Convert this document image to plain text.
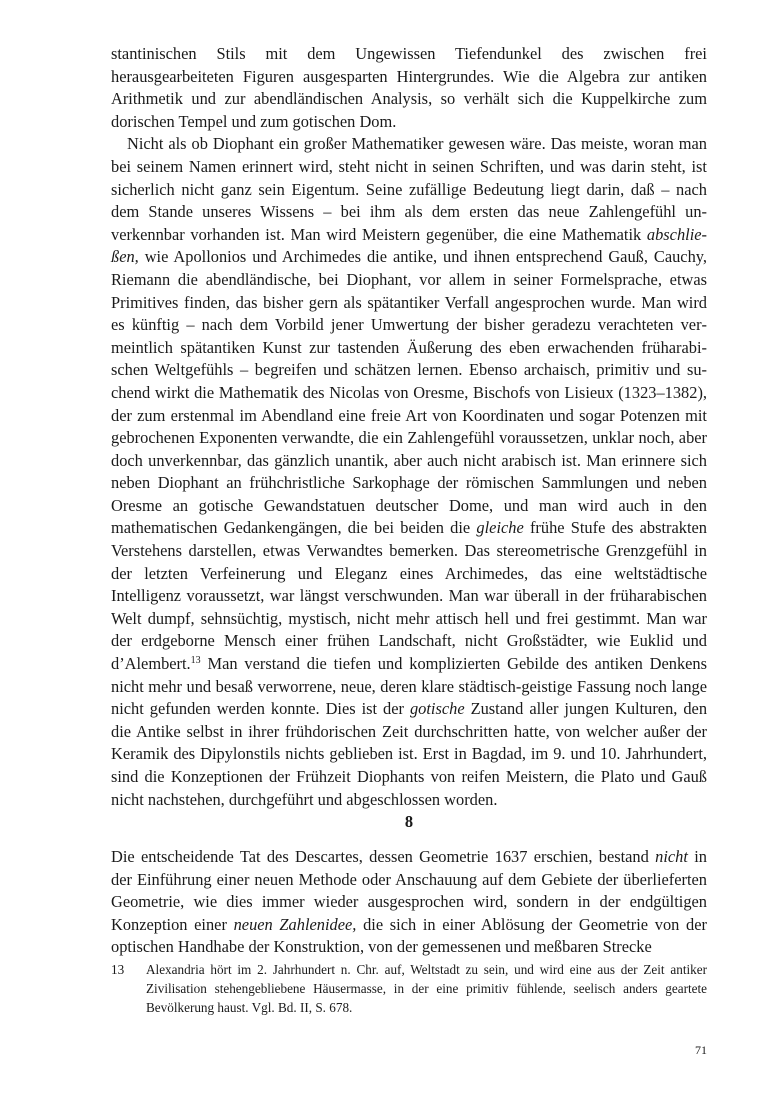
stantinischen Stils mit dem Ungewissen Tiefendunkel des zwischen frei herausgearbeiteten Figuren ausgesparten Hintergrundes. Wie die Algebra zur antiken Arithmetik und zur abendländischen Analysis, so verhält sich die Kuppelkirche zum dorischen Tempel und zum gotischen Dom.

Nicht als ob Diophant ein großer Mathematiker gewesen wäre. Das meiste, woran man bei seinem Namen erinnert wird, steht nicht in seinen Schriften, und was darin steht, ist sicherlich nicht ganz sein Eigentum. Seine zufällige Bedeutung liegt darin, daß – nach dem Stande unseres Wissens – bei ihm als dem ersten das neue Zahlengefühl unverkennbar vorhanden ist. Man wird Meistern gegenüber, die eine Mathematik abschließen, wie Apollonios und Archimedes die antike, und ihnen entsprechend Gauß, Cauchy, Riemann die abendländische, bei Diophant, vor allem in seiner Formelsprache, etwas Primitives finden, das bisher gern als spätantiker Verfall angesprochen wurde. Man wird es künftig – nach dem Vorbild jener Umwertung der bisher geradezu verachteten vermeintlich spätantiken Kunst zur tastenden Äußerung des eben erwachenden früharabischen Weltgefühls – begreifen und schätzen lernen. Ebenso archaisch, primitiv und suchend wirkt die Mathematik des Nicolas von Oresme, Bischofs von Lisieux (1323–1382), der zum erstenmal im Abendland eine freie Art von Koordinaten und sogar Potenzen mit gebrochenen Exponenten verwandte, die ein Zahlengefühl voraussetzen, unklar noch, aber doch unverkennbar, das gänzlich unantik, aber auch nicht arabisch ist. Man erinnere sich neben Diophant an frühchristliche Sarkophage der römischen Sammlungen und neben Oresme an gotische Gewandstatuen deutscher Dome, und man wird auch in den mathematischen Gedankengängen, die bei beiden die gleiche frühe Stufe des abstrakten Verstehens darstellen, etwas Verwandtes bemerken. Das stereometrische Grenzgefühl in der letzten Verfeinerung und Eleganz eines Archimedes, das eine weltstädtische Intelligenz voraussetzt, war längst verschwunden. Man war überall in der früharabischen Welt dumpf, sehnsüchtig, mystisch, nicht mehr attisch hell und frei gestimmt. Man war der erdgeborne Mensch einer frühen Landschaft, nicht Großstädter, wie Euklid und d’Alembert.$^{13}$ Man verstand die tiefen und komplizierten Gebilde des antiken Denkens nicht mehr und besaß verworrene, neue, deren klare städtisch-geistige Fassung noch lange nicht gefunden werden konnte. Dies ist der gotische Zustand aller jungen Kulturen, den die Antike selbst in ihrer frühdorischen Zeit durchschritten hatte, von welcher außer der Keramik des Dipylonstils nichts geblieben ist. Erst in Bagdad, im 9. und 10. Jahrhundert, sind die Konzeptionen der Frühzeit Diophants von reifen Meistern, die Plato und Gauß nicht nachstehen, durchgeführt und abgeschlossen worden.

8

Die entscheidende Tat des Descartes, dessen Geometrie 1637 erschien, bestand nicht in der Einführung einer neuen Methode oder Anschauung auf dem Gebiete der überlieferten Geometrie, wie dies immer wieder ausgesprochen wird, sondern in der endgültigen Konzeption einer neuen Zahlenidee, die sich in einer Ablösung der Geometrie von der optischen Handhabe der Konstruktion, von der gemessenen und meßbaren Strecke

13 Alexandria hört im 2. Jahrhundert n. Chr. auf, Weltstadt zu sein, und wird eine aus der Zeit antiker Zivilisation stehengebliebene Häusermasse, in der eine primitiv fühlende, seelisch anders geartete Bevölkerung haust. Vgl. Bd. II, S. 678.
71
